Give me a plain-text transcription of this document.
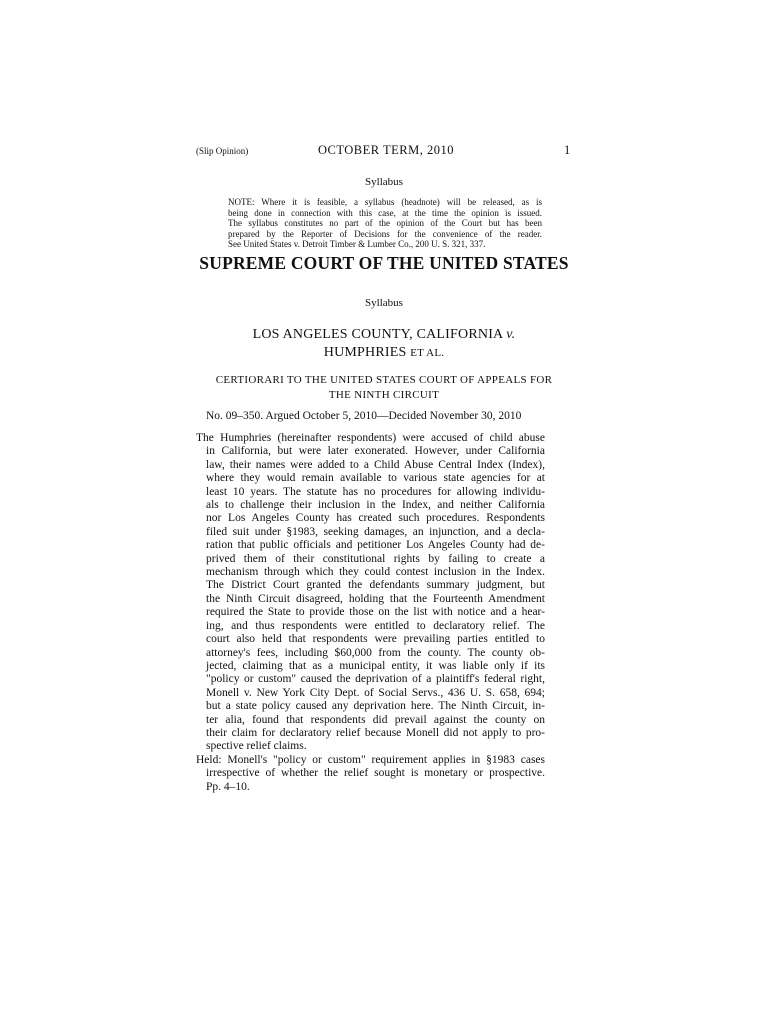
(Slip Opinion)	OCTOBER TERM, 2010	1
Syllabus
NOTE: Where it is feasible, a syllabus (headnote) will be released, as is
being done in connection with this case, at the time the opinion is issued.
The syllabus constitutes no part of the opinion of the Court but has been
prepared by the Reporter of Decisions for the convenience of the reader.
See United States v. Detroit Timber & Lumber Co., 200 U. S. 321, 337.
SUPREME COURT OF THE UNITED STATES
Syllabus
LOS ANGELES COUNTY, CALIFORNIA v.
HUMPHRIES ET AL.
CERTIORARI TO THE UNITED STATES COURT OF APPEALS FOR
THE NINTH CIRCUIT
No. 09–350. Argued October 5, 2010—Decided November 30, 2010
The Humphries (hereinafter respondents) were accused of child abuse
in California, but were later exonerated. However, under California
law, their names were added to a Child Abuse Central Index (Index),
where they would remain available to various state agencies for at
least 10 years. The statute has no procedures for allowing individu-
als to challenge their inclusion in the Index, and neither California
nor Los Angeles County has created such procedures. Respondents
filed suit under §1983, seeking damages, an injunction, and a decla-
ration that public officials and petitioner Los Angeles County had de-
prived them of their constitutional rights by failing to create a
mechanism through which they could contest inclusion in the Index.
The District Court granted the defendants summary judgment, but
the Ninth Circuit disagreed, holding that the Fourteenth Amendment
required the State to provide those on the list with notice and a hear-
ing, and thus respondents were entitled to declaratory relief. The
court also held that respondents were prevailing parties entitled to
attorney's fees, including $60,000 from the county. The county ob-
jected, claiming that as a municipal entity, it was liable only if its
"policy or custom" caused the deprivation of a plaintiff's federal right,
Monell v. New York City Dept. of Social Servs., 436 U. S. 658, 694;
but a state policy caused any deprivation here. The Ninth Circuit, in-
ter alia, found that respondents did prevail against the county on
their claim for declaratory relief because Monell did not apply to pro-
spective relief claims.
Held: Monell's "policy or custom" requirement applies in §1983 cases
irrespective of whether the relief sought is monetary or prospective.
Pp. 4–10.
